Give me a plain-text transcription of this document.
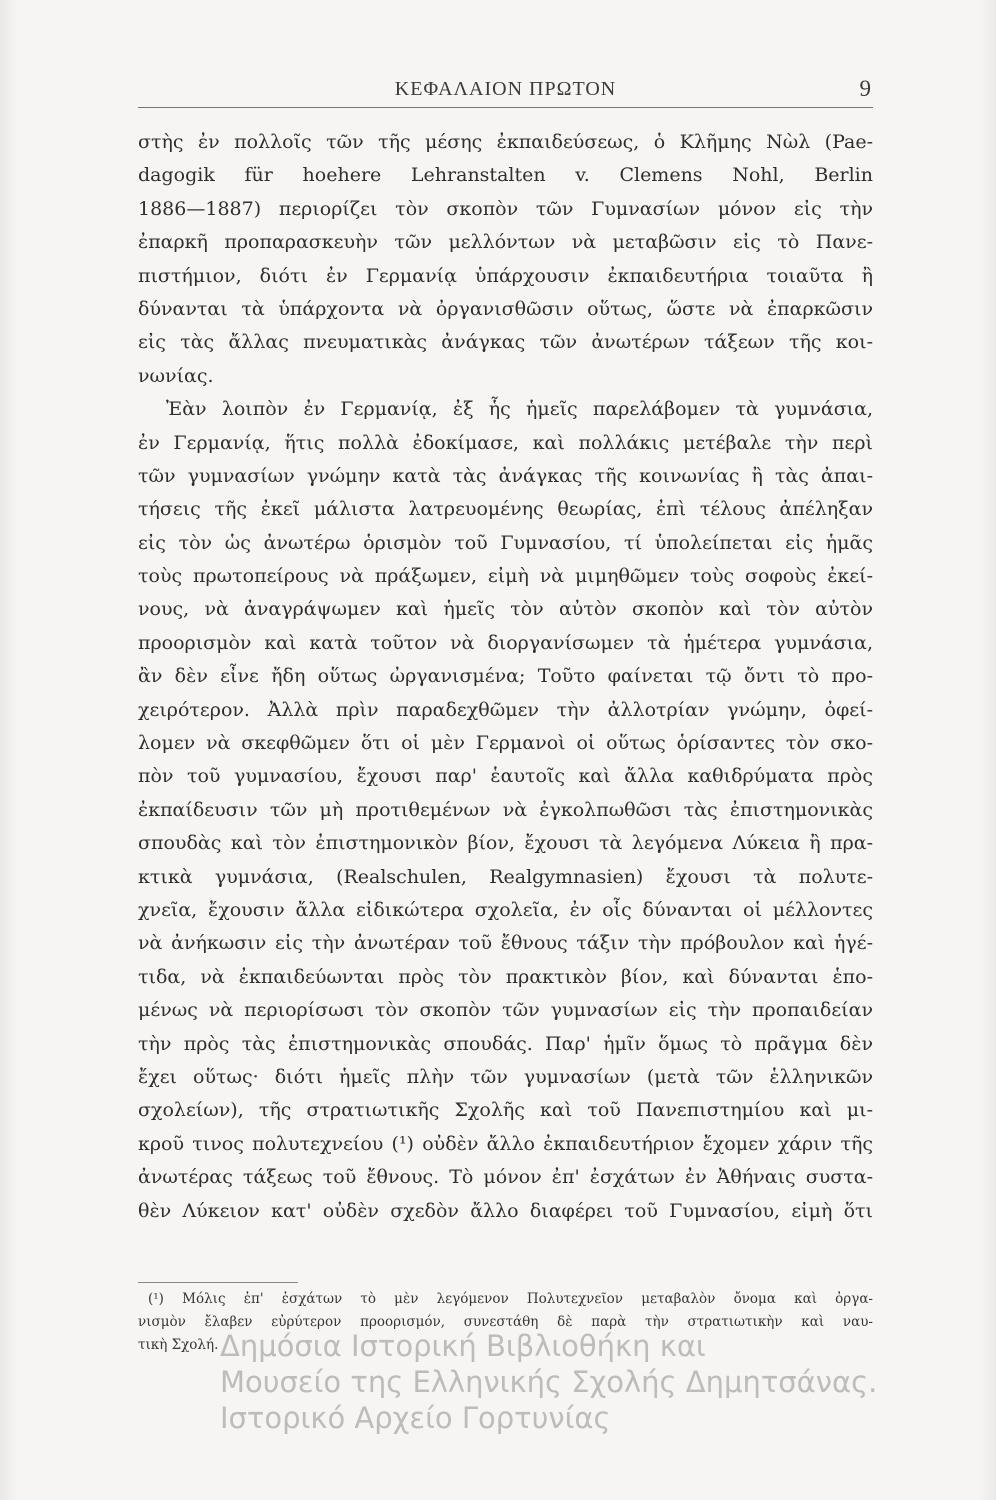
ΚΕΦΑΛΑΙΟΝ ΠΡΩΤΟΝ	9
στὴς ἐν πολλοῖς τῶν τῆς μέσης ἐκπαιδεύσεως, ὁ Κλῆμης Νὼλ (Pae-
dagogik für hoehere Lehranstalten v. Clemens Nohl, Berlin
1886—1887) περιορίζει τὸν σκοπὸν τῶν Γυμνασίων μόνον εἰς τὴν
ἐπαρκῆ προπαρασκευὴν τῶν μελλόντων νὰ μεταβῶσιν εἰς τὸ Πανε-
πιστήμιον, διότι ἐν Γερμανίᾳ ὑπάρχουσιν ἐκπαιδευτήρια τοιαῦτα ἢ
δύνανται τὰ ὑπάρχοντα νὰ ὀργανισθῶσιν οὕτως, ὥστε νὰ ἐπαρκῶσιν
εἰς τὰς ἄλλας πνευματικὰς ἀνάγκας τῶν ἀνωτέρων τάξεων τῆς κοι-
νωνίας.
Ἐὰν λοιπὸν ἐν Γερμανίᾳ, ἐξ ἧς ἡμεῖς παρελάβομεν τὰ γυμνάσια,
ἐν Γερμανίᾳ, ἥτις πολλὰ ἐδοκίμασε, καὶ πολλάκις μετέβαλε τὴν περὶ
τῶν γυμνασίων γνώμην κατὰ τὰς ἀνάγκας τῆς κοινωνίας ἢ τὰς ἀπαι-
τήσεις τῆς ἐκεῖ μάλιστα λατρευομένης θεωρίας, ἐπὶ τέλους ἀπέληξαν
εἰς τὸν ὡς ἀνωτέρω ὁρισμὸν τοῦ Γυμνασίου, τί ὑπολείπεται εἰς ἡμᾶς
τοὺς πρωτοπείρους νὰ πράξωμεν, εἰμὴ νὰ μιμηθῶμεν τοὺς σοφοὺς ἐκεί-
νους, νὰ ἀναγράψωμεν καὶ ἡμεῖς τὸν αὐτὸν σκοπὸν καὶ τὸν αὐτὸν
προορισμὸν καὶ κατὰ τοῦτον νὰ διοργανίσωμεν τὰ ἡμέτερα γυμνάσια,
ἂν δὲν εἶνε ἤδη οὕτως ὠργανισμένα; Τοῦτο φαίνεται τῷ ὄντι τὸ προ-
χειρότερον. Ἀλλὰ πρὶν παραδεχθῶμεν τὴν ἀλλοτρίαν γνώμην, ὀφεί-
λομεν νὰ σκεφθῶμεν ὅτι οἱ μὲν Γερμανοὶ οἱ οὕτως ὁρίσαντες τὸν σκο-
πὸν τοῦ γυμνασίου, ἔχουσι παρ' ἑαυτοῖς καὶ ἄλλα καθιδρύματα πρὸς
ἐκπαίδευσιν τῶν μὴ προτιθεμένων νὰ ἐγκολπωθῶσι τὰς ἐπιστημονικὰς
σπουδὰς καὶ τὸν ἐπιστημονικὸν βίον, ἔχουσι τὰ λεγόμενα Λύκεια ἢ πρα-
κτικὰ γυμνάσια, (Realschulen, Realgymnasien) ἔχουσι τὰ πολυτε-
χνεῖα, ἔχουσιν ἄλλα εἰδικώτερα σχολεῖα, ἐν οἷς δύνανται οἱ μέλλοντες
νὰ ἀνήκωσιν εἰς τὴν ἀνωτέραν τοῦ ἔθνους τάξιν τὴν πρόβουλον καὶ ἡγέ-
τιδα, νὰ ἐκπαιδεύωνται πρὸς τὸν πρακτικὸν βίον, καὶ δύνανται ἑπο-
μένως νὰ περιορίσωσι τὸν σκοπὸν τῶν γυμνασίων εἰς τὴν προπαιδείαν
τὴν πρὸς τὰς ἐπιστημονικὰς σπουδάς. Παρ' ἡμῖν ὅμως τὸ πρᾶγμα δὲν
ἔχει οὕτως· διότι ἡμεῖς πλὴν τῶν γυμνασίων (μετὰ τῶν ἑλληνικῶν
σχολείων), τῆς στρατιωτικῆς Σχολῆς καὶ τοῦ Πανεπιστημίου καὶ μι-
κροῦ τινος πολυτεχνείου (¹) οὐδὲν ἄλλο ἐκπαιδευτήριον ἔχομεν χάριν τῆς
ἀνωτέρας τάξεως τοῦ ἔθνους. Τὸ μόνον ἐπ' ἐσχάτων ἐν Ἀθήναις συστα-
θὲν Λύκειον κατ' οὐδὲν σχεδὸν ἄλλο διαφέρει τοῦ Γυμνασίου, εἰμὴ ὅτι
(¹) Μόλις ἐπ' ἐσχάτων τὸ μὲν λεγόμενον Πολυτεχνεῖον μεταβαλὸν ὄνομα καὶ ὀργα-
νισμὸν ἔλαβεν εὐρύτερον προορισμόν, συνεστάθη δὲ παρὰ τὴν στρατιωτικὴν καὶ ναυ-
τικὴ Σχολή. Δημόσια Ιστορική Βιβλιοθήκη και
Μουσείο της Ελληνικής Σχολής Δημητσάνας.
Ιστορικό Αρχείο Γορτυνίας
